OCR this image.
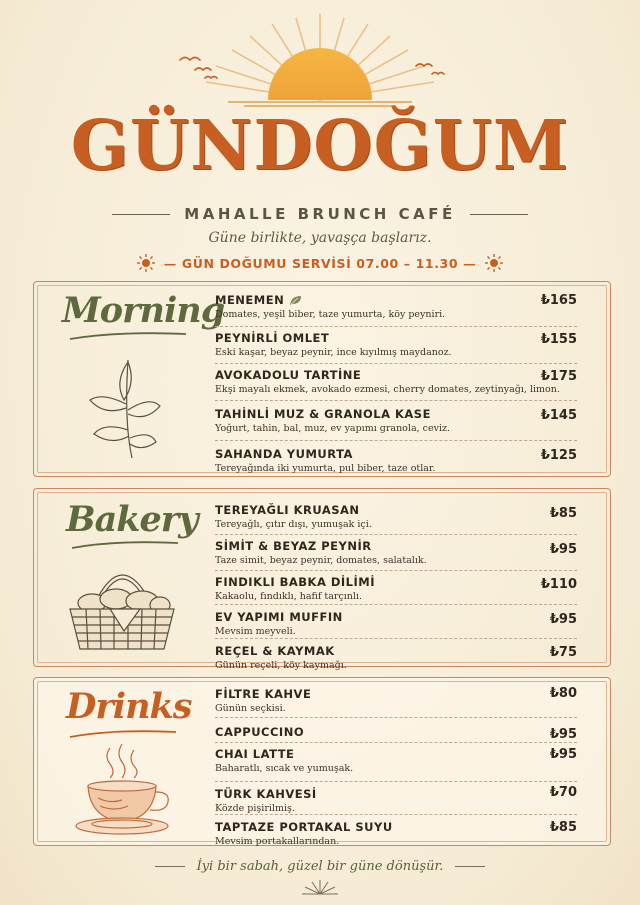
GÜNDOĞUM
MAHALLE BRUNCH CAFÉ
Güne birlikte, yavaşça başlarız.
— GÜN DOĞUMU SERVİSİ 07.00 – 11.30 —
Morning
MENEMEN
Domates, yeşil biber, taze yumurta, köy peyniri.
₺165
PEYNİRLİ OMLET
Eski kaşar, beyaz peynir, ince kıyılmış maydanoz.
₺155
AVOKADOLU TARTİNE
Ekşi mayalı ekmek, avokado ezmesi, cherry domates, zeytinyağı, limon.
₺175
TAHİNLİ MUZ & GRANOLA KASE
Yoğurt, tahin, bal, muz, ev yapımı granola, ceviz.
₺145
SAHANDA YUMURTA
Tereyağında iki yumurta, pul biber, taze otlar.
₺125
Bakery TEREYAĞLI KRUASAN
Tereyağlı, çıtır dışı, yumuşak içi.
₺85
SİMİT & BEYAZ PEYNİR
Taze simit, beyaz peynir, domates, salatalık.
₺95
FINDIKLI BABKA DİLİMİ
Kakaolu, fındıklı, hafif tarçınlı.
₺110
EV YAPIMI MUFFIN
Mevsim meyveli.
₺95
REÇEL & KAYMAK
Günün reçeli, köy kaymağı.
₺75
Drinks FİLTRE KAHVE
Günün seçkisi.
₺80
CAPPUCCINO	₺95
CHAI LATTE
Baharatlı, sıcak ve yumuşak.
₺95
TÜRK KAHVESİ
Közde pişirilmiş.
₺70
TAPTAZE PORTAKAL SUYU
Mevsim portakallarından.
₺85
İyi bir sabah, güzel bir güne dönüşür.
